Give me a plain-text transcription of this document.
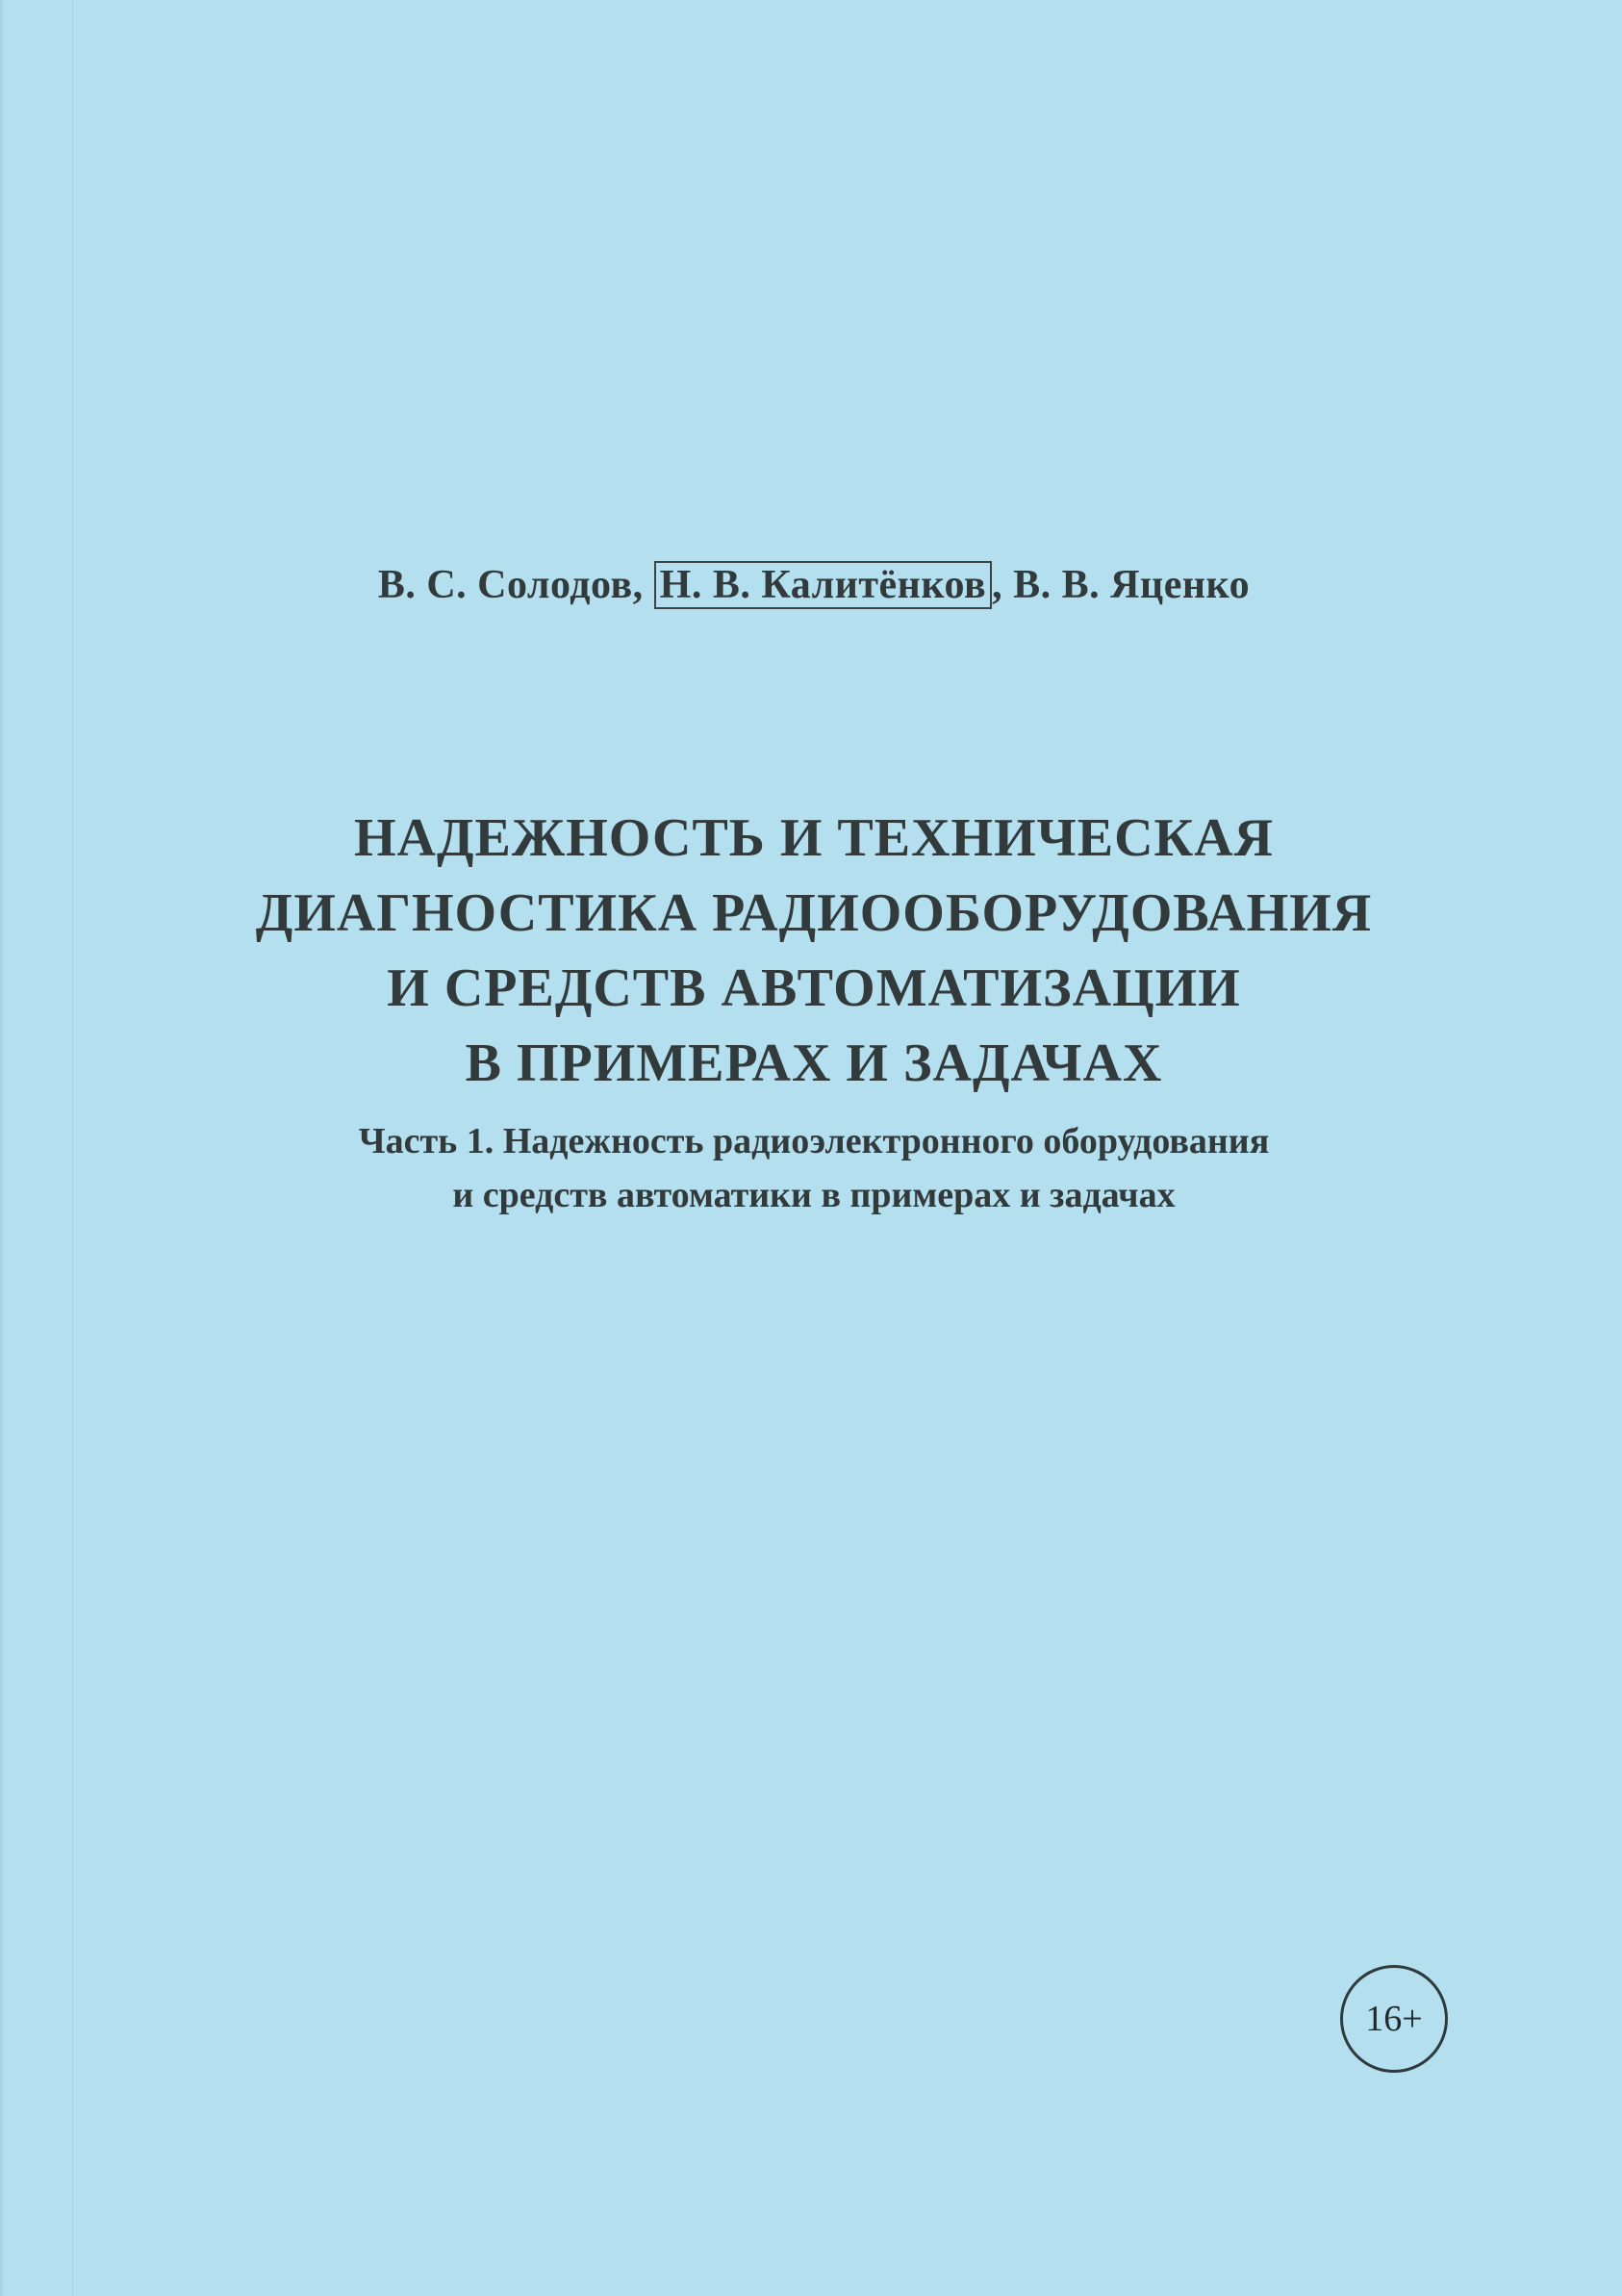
В. С. Солодов, Н. В. Калитёнков , В. В. Яценко
НАДЕЖНОСТЬ И ТЕХНИЧЕСКАЯ
ДИАГНОСТИКА РАДИООБОРУДОВАНИЯ
И СРЕДСТВ АВТОМАТИЗАЦИИ
В ПРИМЕРАХ И ЗАДАЧАХ
Часть 1. Надежность радиоэлектронного оборудования
и средств автоматики в примерах и задачах
16+
